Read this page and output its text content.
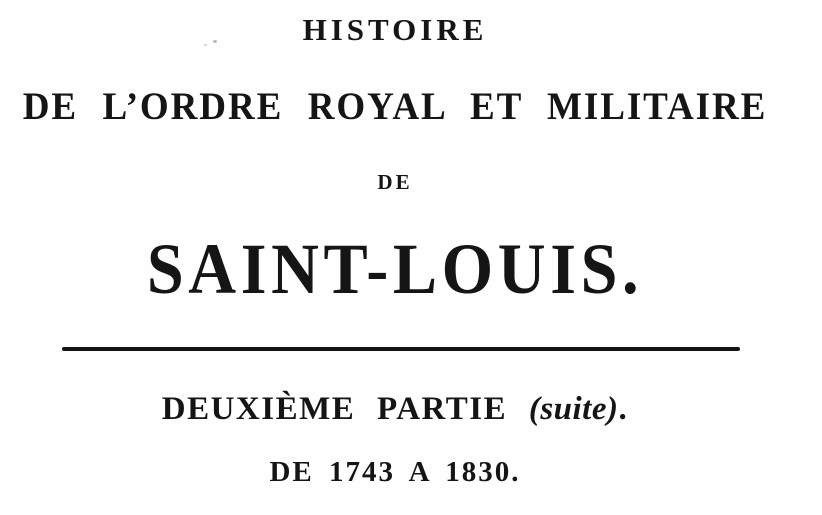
HISTOIRE
DE L’ORDRE ROYAL ET MILITAIRE
DE
SAINT-LOUIS.
DEUXIÈME PARTIE (suite).
DE 1743 A 1830.
